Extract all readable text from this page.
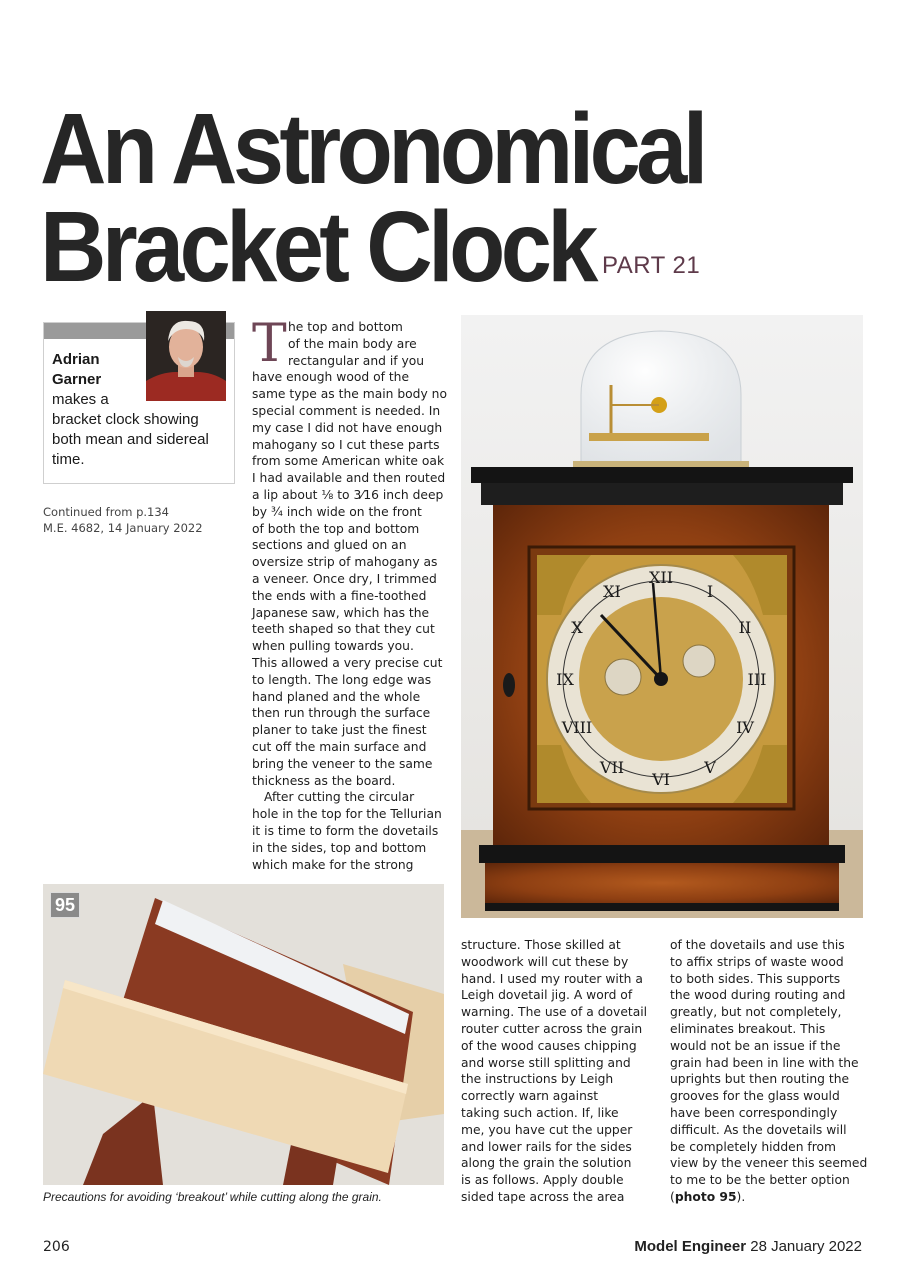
An Astronomical
Bracket Clock PART 21
Adrian
Garner
makes a
bracket clock showing
both mean and sidereal
time.
Continued from p.134
M.E. 4682, 14 January 2022
T he top and bottom
of the main body are
rectangular and if you
have enough wood of the
same type as the main body no
special comment is needed. In
my case I did not have enough
mahogany so I cut these parts
from some American white oak
I had available and then routed
a lip about ⅛ to 3⁄16 inch deep
by ¾ inch wide on the front
of both the top and bottom
sections and glued on an
oversize strip of mahogany as
a veneer. Once dry, I trimmed
the ends with a fine-toothed
Japanese saw, which has the
teeth shaped so that they cut
when pulling towards you.
This allowed a very precise cut
to length. The long edge was
hand planed and the whole
then run through the surface
planer to take just the finest
cut off the main surface and
bring the veneer to the same
thickness as the board.
After cutting the circular
hole in the top for the Tellurian
it is time to form the dovetails
in the sides, top and bottom
which make for the strong
XII
VI
III
IX
I
II
IV
V
VII
VIII
X
XI
95
Precautions for avoiding ‘breakout’ while cutting along the grain.
structure. Those skilled at
woodwork will cut these by
hand. I used my router with a
Leigh dovetail jig. A word of
warning. The use of a dovetail
router cutter across the grain
of the wood causes chipping
and worse still splitting and
the instructions by Leigh
correctly warn against
taking such action. If, like
me, you have cut the upper
and lower rails for the sides
along the grain the solution
is as follows. Apply double
sided tape across the area
of the dovetails and use this
to affix strips of waste wood
to both sides. This supports
the wood during routing and
greatly, but not completely,
eliminates breakout. This
would not be an issue if the
grain had been in line with the
uprights but then routing the
grooves for the glass would
have been correspondingly
difficult. As the dovetails will
be completely hidden from
view by the veneer this seemed
to me to be the better option
(photo 95).
206	Model Engineer 28 January 2022
